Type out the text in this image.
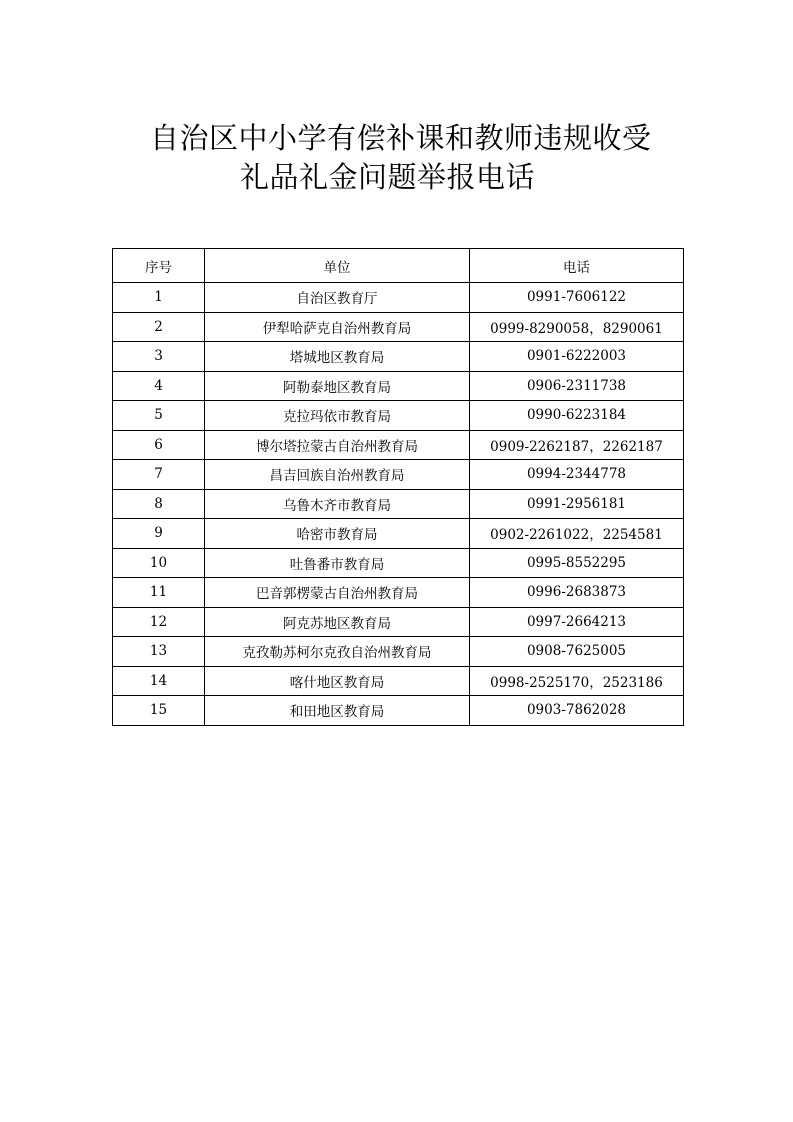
自治区中小学有偿补课和教师违规收受
礼品礼金问题举报电话
序号	单位	电话
1	自治区教育厅	0991-7606122
2	伊犁哈萨克自治州教育局	0999-8290058，8290061
3	塔城地区教育局	0901-6222003
4	阿勒泰地区教育局	0906-2311738
5	克拉玛依市教育局	0990-6223184
6	博尔塔拉蒙古自治州教育局	0909-2262187，2262187
7	昌吉回族自治州教育局	0994-2344778
8	乌鲁木齐市教育局	0991-2956181
9	哈密市教育局	0902-2261022，2254581
10	吐鲁番市教育局	0995-8552295
11	巴音郭楞蒙古自治州教育局	0996-2683873
12	阿克苏地区教育局	0997-2664213
13	克孜勒苏柯尔克孜自治州教育局	0908-7625005
14	喀什地区教育局	0998-2525170，2523186
15	和田地区教育局	0903-7862028
